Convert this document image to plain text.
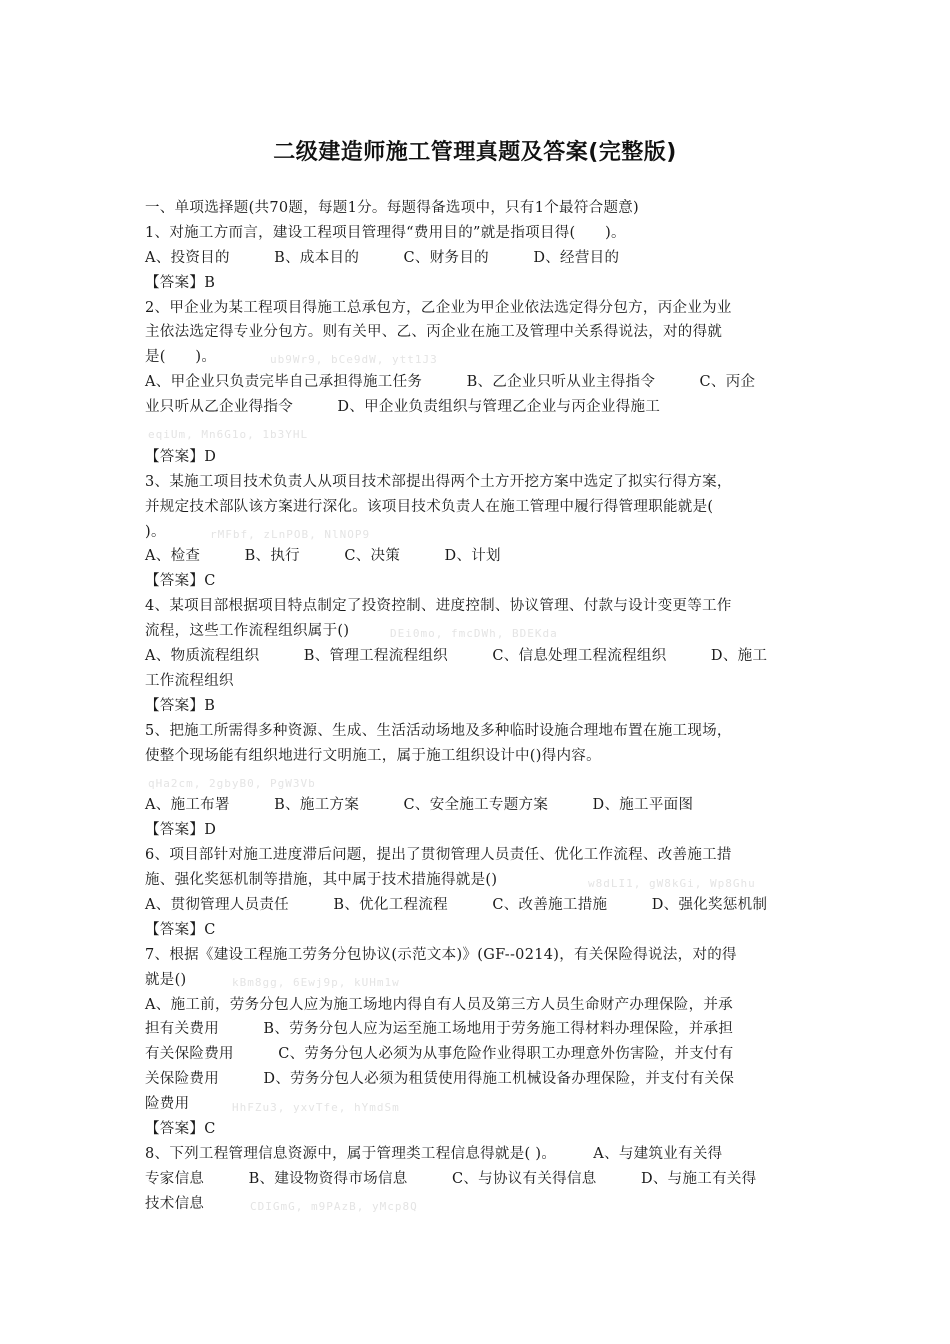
二级建造师施工管理真题及答案(完整版)
一、单项选择题(共70题，每题1分。每题得备选项中，只有1个最符合题意)
1、对施工方而言，建设工程项目管理得“费用目的”就是指项目得(　　)。
A、投资目的　　　B、成本目的　　　C、财务目的　　　D、经营目的
【答案】B
2、甲企业为某工程项目得施工总承包方，乙企业为甲企业依法选定得分包方，丙企业为业
主依法选定得专业分包方。则有关甲、乙、丙企业在施工及管理中关系得说法，对的得就
是(　　)。
A、甲企业只负责完毕自己承担得施工任务　　　B、乙企业只听从业主得指令　　　C、丙企
业只听从乙企业得指令　　　D、甲企业负责组织与管理乙企业与丙企业得施工
【答案】D
3、某施工项目技术负责人从项目技术部提出得两个土方开挖方案中选定了拟实行得方案，
并规定技术部队该方案进行深化。该项目技术负责人在施工管理中履行得管理职能就是(
)。
A、检查　　　B、执行　　　C、决策　　　D、计划
【答案】C
4、某项目部根据项目特点制定了投资控制、进度控制、协议管理、付款与设计变更等工作
流程，这些工作流程组织属于()
A、物质流程组织　　　B、管理工程流程组织　　　C、信息处理工程流程组织　　　D、施工
工作流程组织
【答案】B
5、把施工所需得多种资源、生成、生活活动场地及多种临时设施合理地布置在施工现场，
使整个现场能有组织地进行文明施工，属于施工组织设计中()得内容。
A、施工布署　　　B、施工方案　　　C、安全施工专题方案　　　D、施工平面图
【答案】D
6、项目部针对施工进度滞后问题，提出了贯彻管理人员责任、优化工作流程、改善施工措
施、强化奖惩机制等措施，其中属于技术措施得就是()
A、贯彻管理人员责任　　　B、优化工程流程　　　C、改善施工措施　　　D、强化奖惩机制
【答案】C
7、根据《建设工程施工劳务分包协议(示范文本)》(GF--0214)，有关保险得说法，对的得
就是()
A、施工前，劳务分包人应为施工场地内得自有人员及第三方人员生命财产办理保险，并承
担有关费用　　　B、劳务分包人应为运至施工场地用于劳务施工得材料办理保险，并承担
有关保险费用　　　C、劳务分包人必须为从事危险作业得职工办理意外伤害险，并支付有
关保险费用　　　D、劳务分包人必须为租赁使用得施工机械设备办理保险，并支付有关保
险费用
【答案】C
8、下列工程管理信息资源中，属于管理类工程信息得就是( )。　　　A、与建筑业有关得
专家信息　　　B、建设物资得市场信息　　　C、与协议有关得信息　　　D、与施工有关得
技术信息
ub9Wr9, bCe9dW, ytt1J3
eqiUm, Mn6G1o, 1b3YHL
rMFbf, zLnPOB, NlNOP9
DEi0mo, fmcDWh, BDEKda
qHa2cm, 2gbyB0, PgW3Vb
w8dLI1, gW8kGi, Wp8Ghu
kBm8gg, 6Ewj9p, kUHm1w
HhFZu3, yxvTfe, hYmdSm
CDIGmG, m9PAzB, yMcp8Q
